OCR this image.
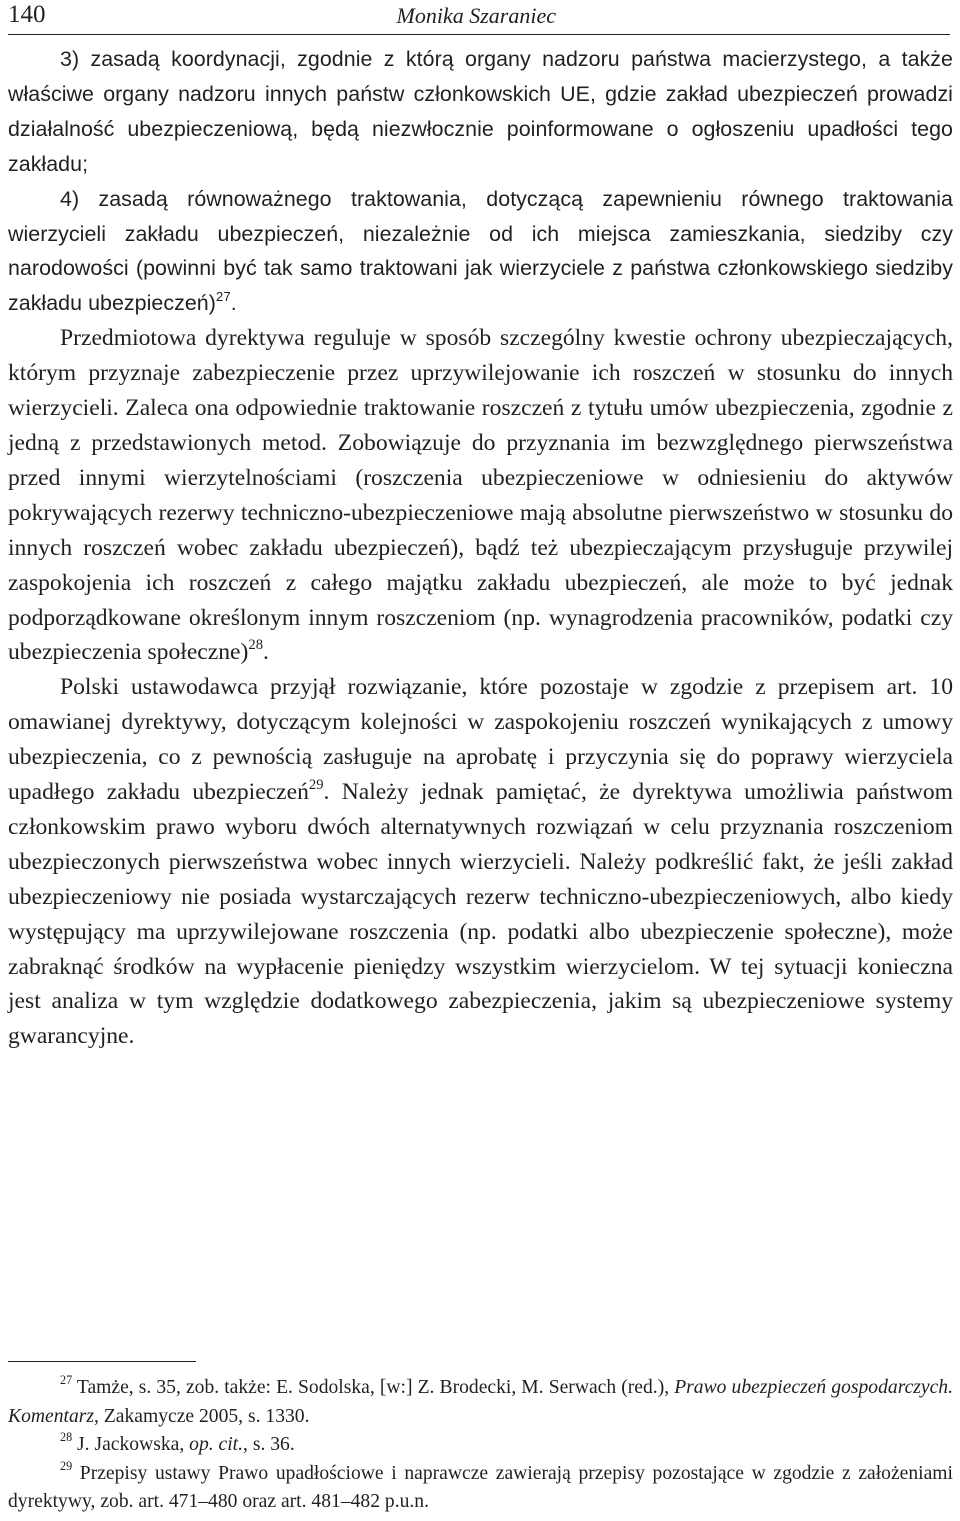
140	Monika Szaraniec

3) zasadą koordynacji, zgodnie z którą organy nadzoru państwa macierzystego, a także właściwe organy nadzoru innych państw członkowskich UE, gdzie zakład ubezpieczeń prowadzi działalność ubezpieczeniową, będą niezwłocznie poinformowane o ogłoszeniu upadłości tego zakładu;

4) zasadą równoważnego traktowania, dotyczącą zapewnieniu równego traktowania wierzycieli zakładu ubezpieczeń, niezależnie od ich miejsca zamieszkania, siedziby czy narodowości (powinni być tak samo traktowani jak wierzyciele z państwa członkowskiego siedziby zakładu ubezpieczeń)$^{27}$.

Przedmiotowa dyrektywa reguluje w sposób szczególny kwestie ochrony ubezpieczających, którym przyznaje zabezpieczenie przez uprzywilejowanie ich roszczeń w stosunku do innych wierzycieli. Zaleca ona odpowiednie traktowanie roszczeń z tytułu umów ubezpieczenia, zgodnie z jedną z przedstawionych metod. Zobowiązuje do przyznania im bezwzględnego pierwszeństwa przed innymi wierzytelnościami (roszczenia ubezpieczeniowe w odniesieniu do aktywów pokrywających rezerwy techniczno-ubezpieczeniowe mają absolutne pierwszeństwo w stosunku do innych roszczeń wobec zakładu ubezpieczeń), bądź też ubezpieczającym przysługuje przywilej zaspokojenia ich roszczeń z całego majątku zakładu ubezpieczeń, ale może to być jednak podporządkowane określonym innym roszczeniom (np. wynagrodzenia pracowników, podatki czy ubezpieczenia społeczne)$^{28}$.

Polski ustawodawca przyjął rozwiązanie, które pozostaje w zgodzie z przepisem art. 10 omawianej dyrektywy, dotyczącym kolejności w zaspokojeniu roszczeń wynikających z umowy ubezpieczenia, co z pewnością zasługuje na aprobatę i przyczynia się do poprawy wierzyciela upadłego zakładu ubezpieczeń$^{29}$. Należy jednak pamiętać, że dyrektywa umożliwia państwom członkowskim prawo wyboru dwóch alternatywnych rozwiązań w celu przyznania roszczeniom ubezpieczonych pierwszeństwa wobec innych wierzycieli. Należy podkreślić fakt, że jeśli zakład ubezpieczeniowy nie posiada wystarczających rezerw techniczno-ubezpieczeniowych, albo kiedy występujący ma uprzywilejowane roszczenia (np. podatki albo ubezpieczenie społeczne), może zabraknąć środków na wypłacenie pieniędzy wszystkim wierzycielom. W tej sytuacji konieczna jest analiza w tym względzie dodatkowego zabezpieczenia, jakim są ubezpieczeniowe systemy gwarancyjne.

$^{27}$ Tamże, s. 35, zob. także: E. Sodolska, [w:] Z. Brodecki, M. Serwach (red.), Prawo ubezpieczeń gospodarczych. Komentarz, Zakamycze 2005, s. 1330.

$^{28}$ J. Jackowska, op. cit., s. 36.

$^{29}$ Przepisy ustawy Prawo upadłościowe i naprawcze zawierają przepisy pozostające w zgodzie z założeniami dyrektywy, zob. art. 471–480 oraz art. 481–482 p.u.n.
